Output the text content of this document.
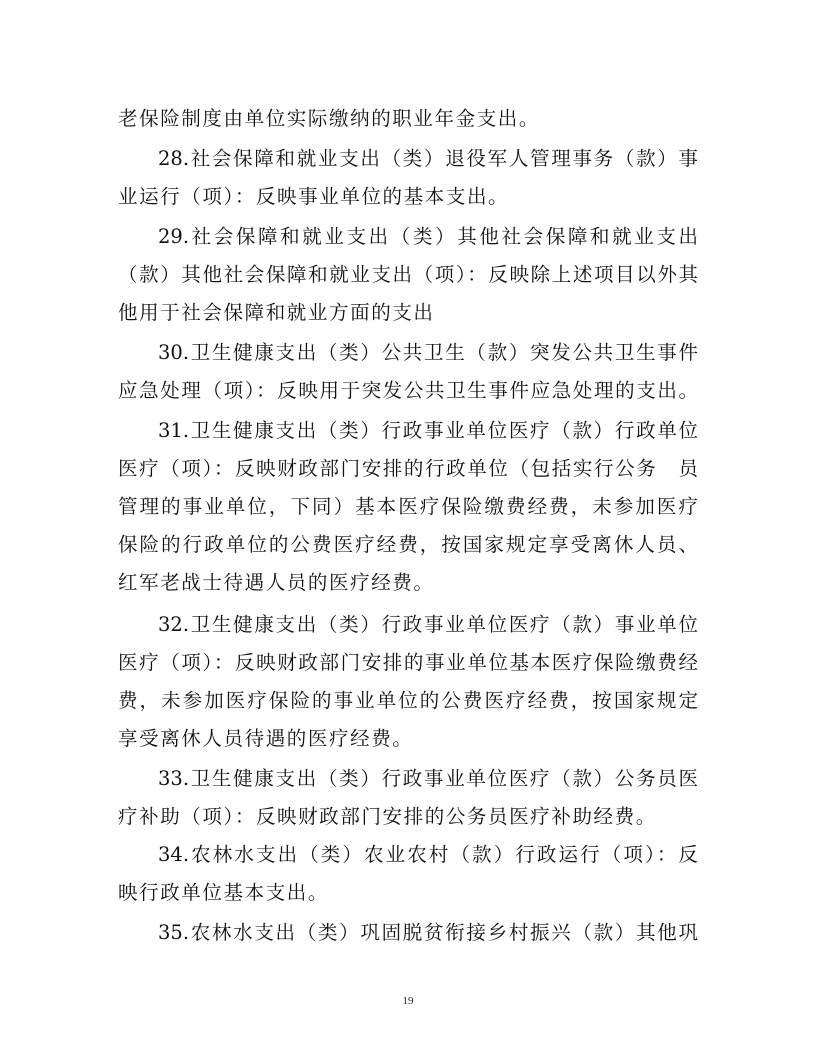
老保险制度由单位实际缴纳的职业年金支出。
28.社会保障和就业支出（类）退役军人管理事务（款）事
业运行（项）：反映事业单位的基本支出。
29.社会保障和就业支出（类）其他社会保障和就业支出
（款）其他社会保障和就业支出（项）：反映除上述项目以外其
他用于社会保障和就业方面的支出
30.卫生健康支出（类）公共卫生（款）突发公共卫生事件
应急处理（项）：反映用于突发公共卫生事件应急处理的支出。
31.卫生健康支出（类）行政事业单位医疗（款）行政单位
医疗（项）：反映财政部门安排的行政单位（包括实行公务　员
管理的事业单位，下同）基本医疗保险缴费经费，未参加医疗
保险的行政单位的公费医疗经费，按国家规定享受离休人员、
红军老战士待遇人员的医疗经费。
32.卫生健康支出（类）行政事业单位医疗（款）事业单位
医疗（项）：反映财政部门安排的事业单位基本医疗保险缴费经
费，未参加医疗保险的事业单位的公费医疗经费，按国家规定
享受离休人员待遇的医疗经费。
33.卫生健康支出（类）行政事业单位医疗（款）公务员医
疗补助（项）：反映财政部门安排的公务员医疗补助经费。
34.农林水支出（类）农业农村（款）行政运行（项）：反
映行政单位基本支出。
35.农林水支出（类）巩固脱贫衔接乡村振兴（款）其他巩
19
